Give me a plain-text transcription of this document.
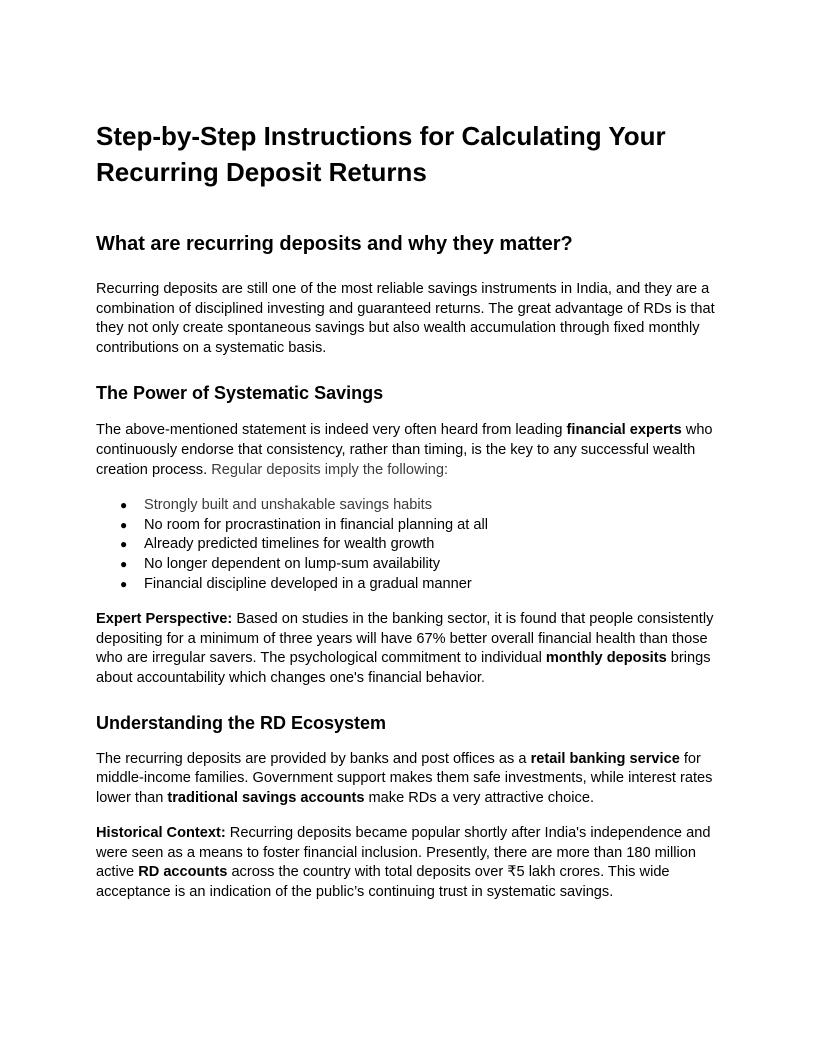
Step-by-Step Instructions for Calculating Your Recurring Deposit Returns
What are recurring deposits and why they matter?

Recurring deposits are still one of the most reliable savings instruments in India, and they are a combination of disciplined investing and guaranteed returns. The great advantage of RDs is that they not only create spontaneous savings but also wealth accumulation through fixed monthly contributions on a systematic basis.

The Power of Systematic Savings

The above-mentioned statement is indeed very often heard from leading financial experts who continuously endorse that consistency, rather than timing, is the key to any successful wealth creation process. Regular deposits imply the following:

● Strongly built and unshakable savings habits
● No room for procrastination in financial planning at all
● Already predicted timelines for wealth growth
● No longer dependent on lump-sum availability
● Financial discipline developed in a gradual manner

Expert Perspective: Based on studies in the banking sector, it is found that people consistently depositing for a minimum of three years will have 67% better overall financial health than those who are irregular savers. The psychological commitment to individual monthly deposits brings about accountability which changes one's financial behavior.

Understanding the RD Ecosystem

The recurring deposits are provided by banks and post offices as a retail banking service for middle-income families. Government support makes them safe investments, while interest rates lower than traditional savings accounts make RDs a very attractive choice.

Historical Context: Recurring deposits became popular shortly after India's independence and were seen as a means to foster financial inclusion. Presently, there are more than 180 million active RD accounts across the country with total deposits over ₹5 lakh crores. This wide acceptance is an indication of the public’s continuing trust in systematic savings.
